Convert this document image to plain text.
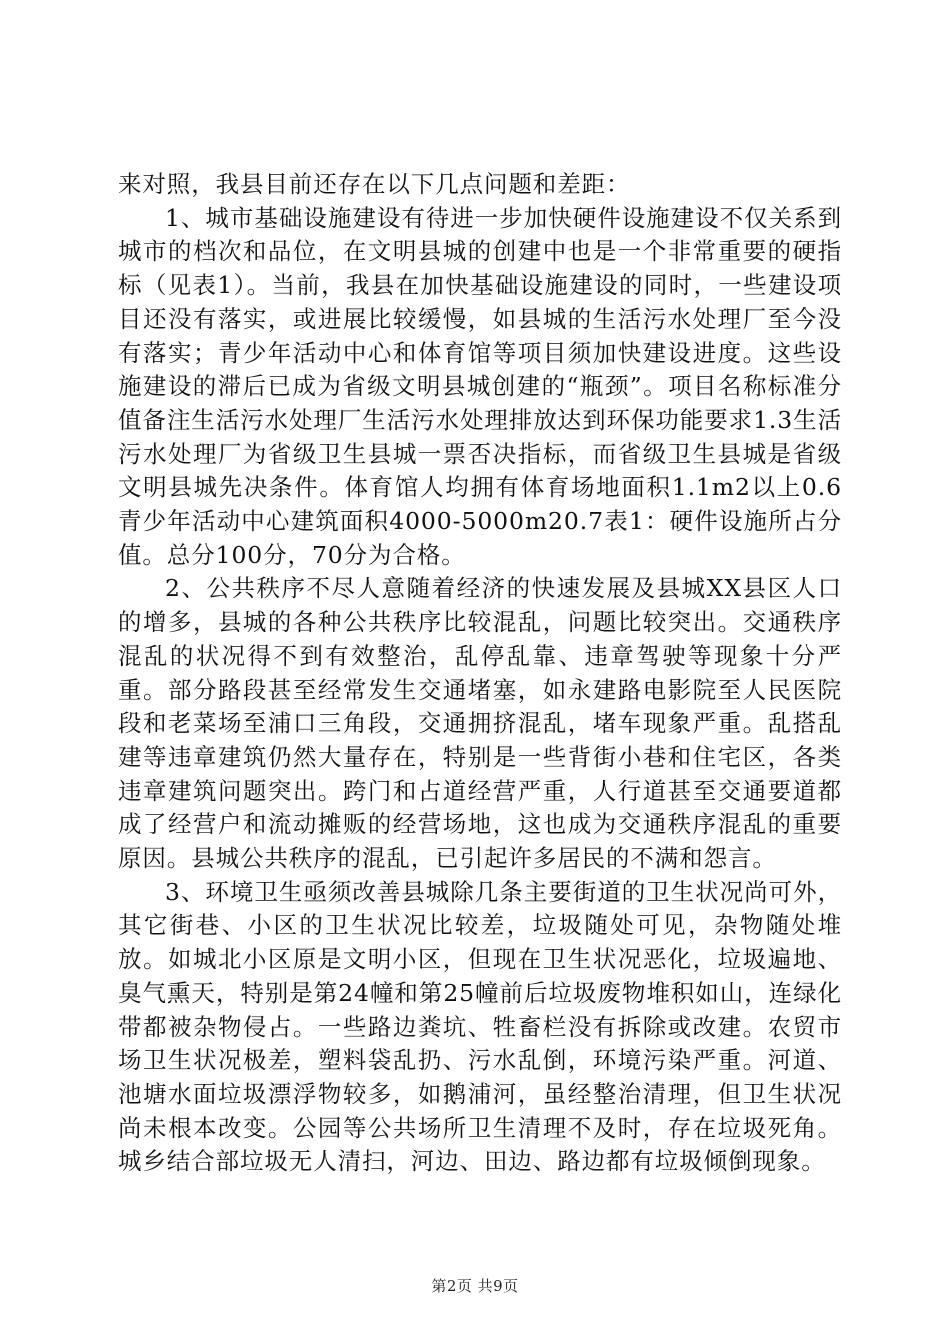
来对照，我县目前还存在以下几点问题和差距：

1、城市基础设施建设有待进一步加快硬件设施建设不仅关系到城市的档次和品位，在文明县城的创建中也是一个非常重要的硬指标（见表1）。当前，我县在加快基础设施建设的同时，一些建设项目还没有落实，或进展比较缓慢，如县城的生活污水处理厂至今没有落实；青少年活动中心和体育馆等项目须加快建设进度。这些设施建设的滞后已成为省级文明县城创建的“瓶颈”。项目名称标准分值备注生活污水处理厂生活污水处理排放达到环保功能要求1.3生活污水处理厂为省级卫生县城一票否决指标，而省级卫生县城是省级文明县城先决条件。体育馆人均拥有体育场地面积1.1m2以上0.6青少年活动中心建筑面积4000-5000m20.7表1：硬件设施所占分值。总分100分，70分为合格。

2、公共秩序不尽人意随着经济的快速发展及县城XX县区人口的增多，县城的各种公共秩序比较混乱，问题比较突出。交通秩序混乱的状况得不到有效整治，乱停乱靠、违章驾驶等现象十分严重。部分路段甚至经常发生交通堵塞，如永建路电影院至人民医院段和老菜场至浦口三角段，交通拥挤混乱，堵车现象严重。乱搭乱建等违章建筑仍然大量存在，特别是一些背街小巷和住宅区，各类违章建筑问题突出。跨门和占道经营严重，人行道甚至交通要道都成了经营户和流动摊贩的经营场地，这也成为交通秩序混乱的重要原因。县城公共秩序的混乱，已引起许多居民的不满和怨言。

3、环境卫生亟须改善县城除几条主要街道的卫生状况尚可外，其它街巷、小区的卫生状况比较差，垃圾随处可见，杂物随处堆放。如城北小区原是文明小区，但现在卫生状况恶化，垃圾遍地、臭气熏天，特别是第24幢和第25幢前后垃圾废物堆积如山，连绿化带都被杂物侵占。一些路边粪坑、牲畜栏没有拆除或改建。农贸市场卫生状况极差，塑料袋乱扔、污水乱倒，环境污染严重。河道、池塘水面垃圾漂浮物较多，如鹅浦河，虽经整治清理，但卫生状况尚未根本改变。公园等公共场所卫生清理不及时，存在垃圾死角。城乡结合部垃圾无人清扫，河边、田边、路边都有垃圾倾倒现象。

第2页 共9页
